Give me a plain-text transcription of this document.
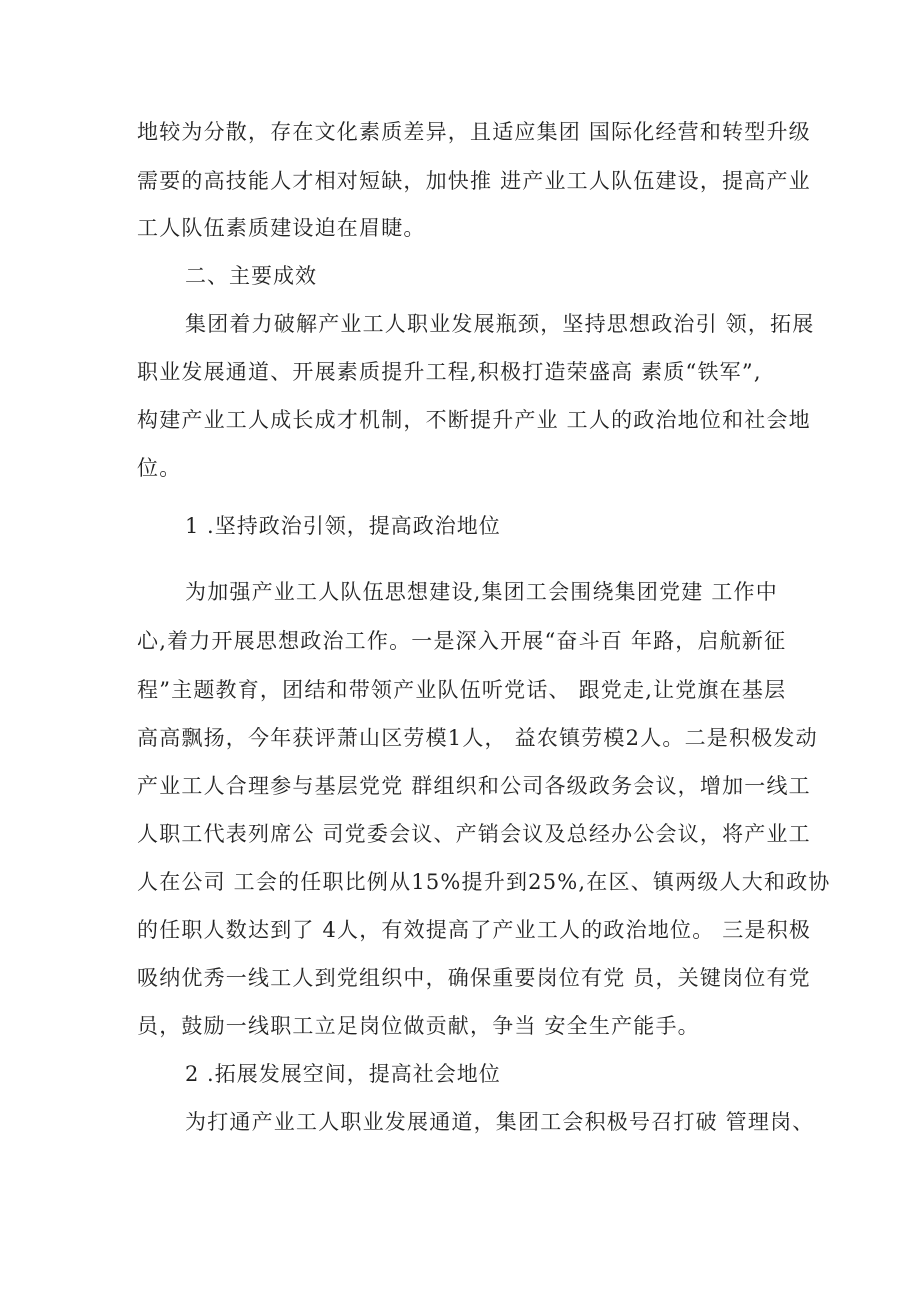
地较为分散，存在文化素质差异，且适应集团 国际化经营和转型升级

需要的高技能人才相对短缺，加快推 进产业工人队伍建设，提高产业

工人队伍素质建设迫在眉睫。

二、主要成效

集团着力破解产业工人职业发展瓶颈，坚持思想政治引 领，拓展

职业发展通道、开展素质提升工程,积极打造荣盛高 素质“铁军”,

构建产业工人成长成才机制，不断提升产业 工人的政治地位和社会地

位。

1 .坚持政治引领，提高政治地位

为加强产业工人队伍思想建设,集团工会围绕集团党建 工作中

心,着力开展思想政治工作。一是深入开展“奋斗百 年路，启航新征

程”主题教育，团结和带领产业队伍听党话、 跟党走,让党旗在基层

高高飘扬，今年获评萧山区劳模1人， 益农镇劳模2人。二是积极发动

产业工人合理参与基层党党 群组织和公司各级政务会议，增加一线工

人职工代表列席公 司党委会议、产销会议及总经办公会议，将产业工

人在公司 工会的任职比例从15%提升到25%,在区、镇两级人大和政协

的任职人数达到了 4人，有效提高了产业工人的政治地位。 三是积极

吸纳优秀一线工人到党组织中，确保重要岗位有党 员，关键岗位有党

员，鼓励一线职工立足岗位做贡献，争当 安全生产能手。

2 .拓展发展空间，提高社会地位

为打通产业工人职业发展通道，集团工会积极号召打破 管理岗、
